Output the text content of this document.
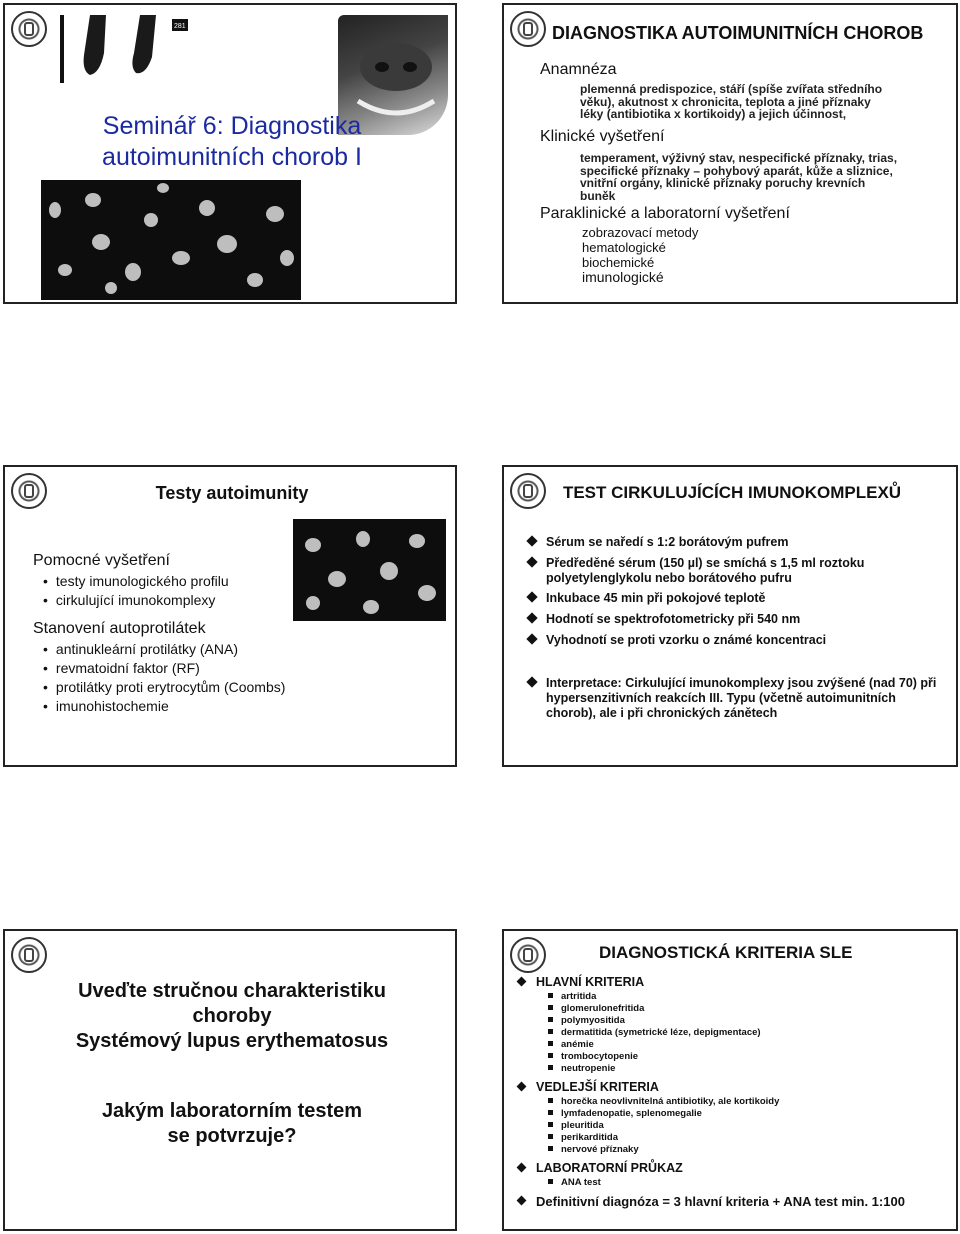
281
Seminář 6: Diagnostika
autoimunitních chorob I
DIAGNOSTIKA AUTOIMUNITNÍCH CHOROB
Anamnéza
plemenná predispozice, stáří (spíše zvířata středního
věku), akutnost x chronicita, teplota a jiné příznaky
léky (antibiotika x kortikoidy) a jejich účinnost,
Klinické vyšetření
temperament, výživný stav, nespecifické příznaky, trias,
specifické příznaky – pohybový aparát, kůže a sliznice,
vnitřní orgány, klinické příznaky poruchy krevních
buněk
Paraklinické a laboratorní vyšetření
zobrazovací metody
hematologické
biochemické
imunologické
Testy autoimunity
Pomocné vyšetření
• testy imunologického profilu
• cirkulující imunokomplexy
Stanovení autoprotilátek
• antinukleární protilátky (ANA)
• revmatoidní faktor (RF)
• protilátky proti erytrocytům (Coombs)
• imunohistochemie
TEST CIRKULUJÍCÍCH IMUNOKOMPLEXŮ
Sérum se naředí s 1:2 borátovým pufrem
Předředěné sérum (150 µl) se smíchá s 1,5 ml roztoku polyetylenglykolu nebo borátového pufru
Inkubace 45 min při pokojové teplotě
Hodnotí se spektrofotometricky při 540 nm
Vyhodnotí se proti vzorku o známé koncentraci
Interpretace: Cirkulující imunokomplexy jsou zvýšené (nad 70) při hypersenzitivních reakcích III. Typu (včetně autoimunitních chorob), ale i při chronických zánětech
Uveďte stručnou charakteristiku
choroby
Systémový lupus erythematosus
Jakým laboratorním testem
se potvrzuje?
DIAGNOSTICKÁ KRITERIA SLE
HLAVNÍ KRITERIA
artritida
glomerulonefritida
polymyositida
dermatitida (symetrické léze, depigmentace)
anémie
trombocytopenie
neutropenie
VEDLEJŠÍ KRITERIA
horečka neovlivnitelná antibiotiky, ale kortikoidy
lymfadenopatie, splenomegalie
pleuritida
perikarditida
nervové příznaky
LABORATORNÍ PRŮKAZ
ANA test
Definitivní diagnóza = 3 hlavní kriteria + ANA test min. 1:100
